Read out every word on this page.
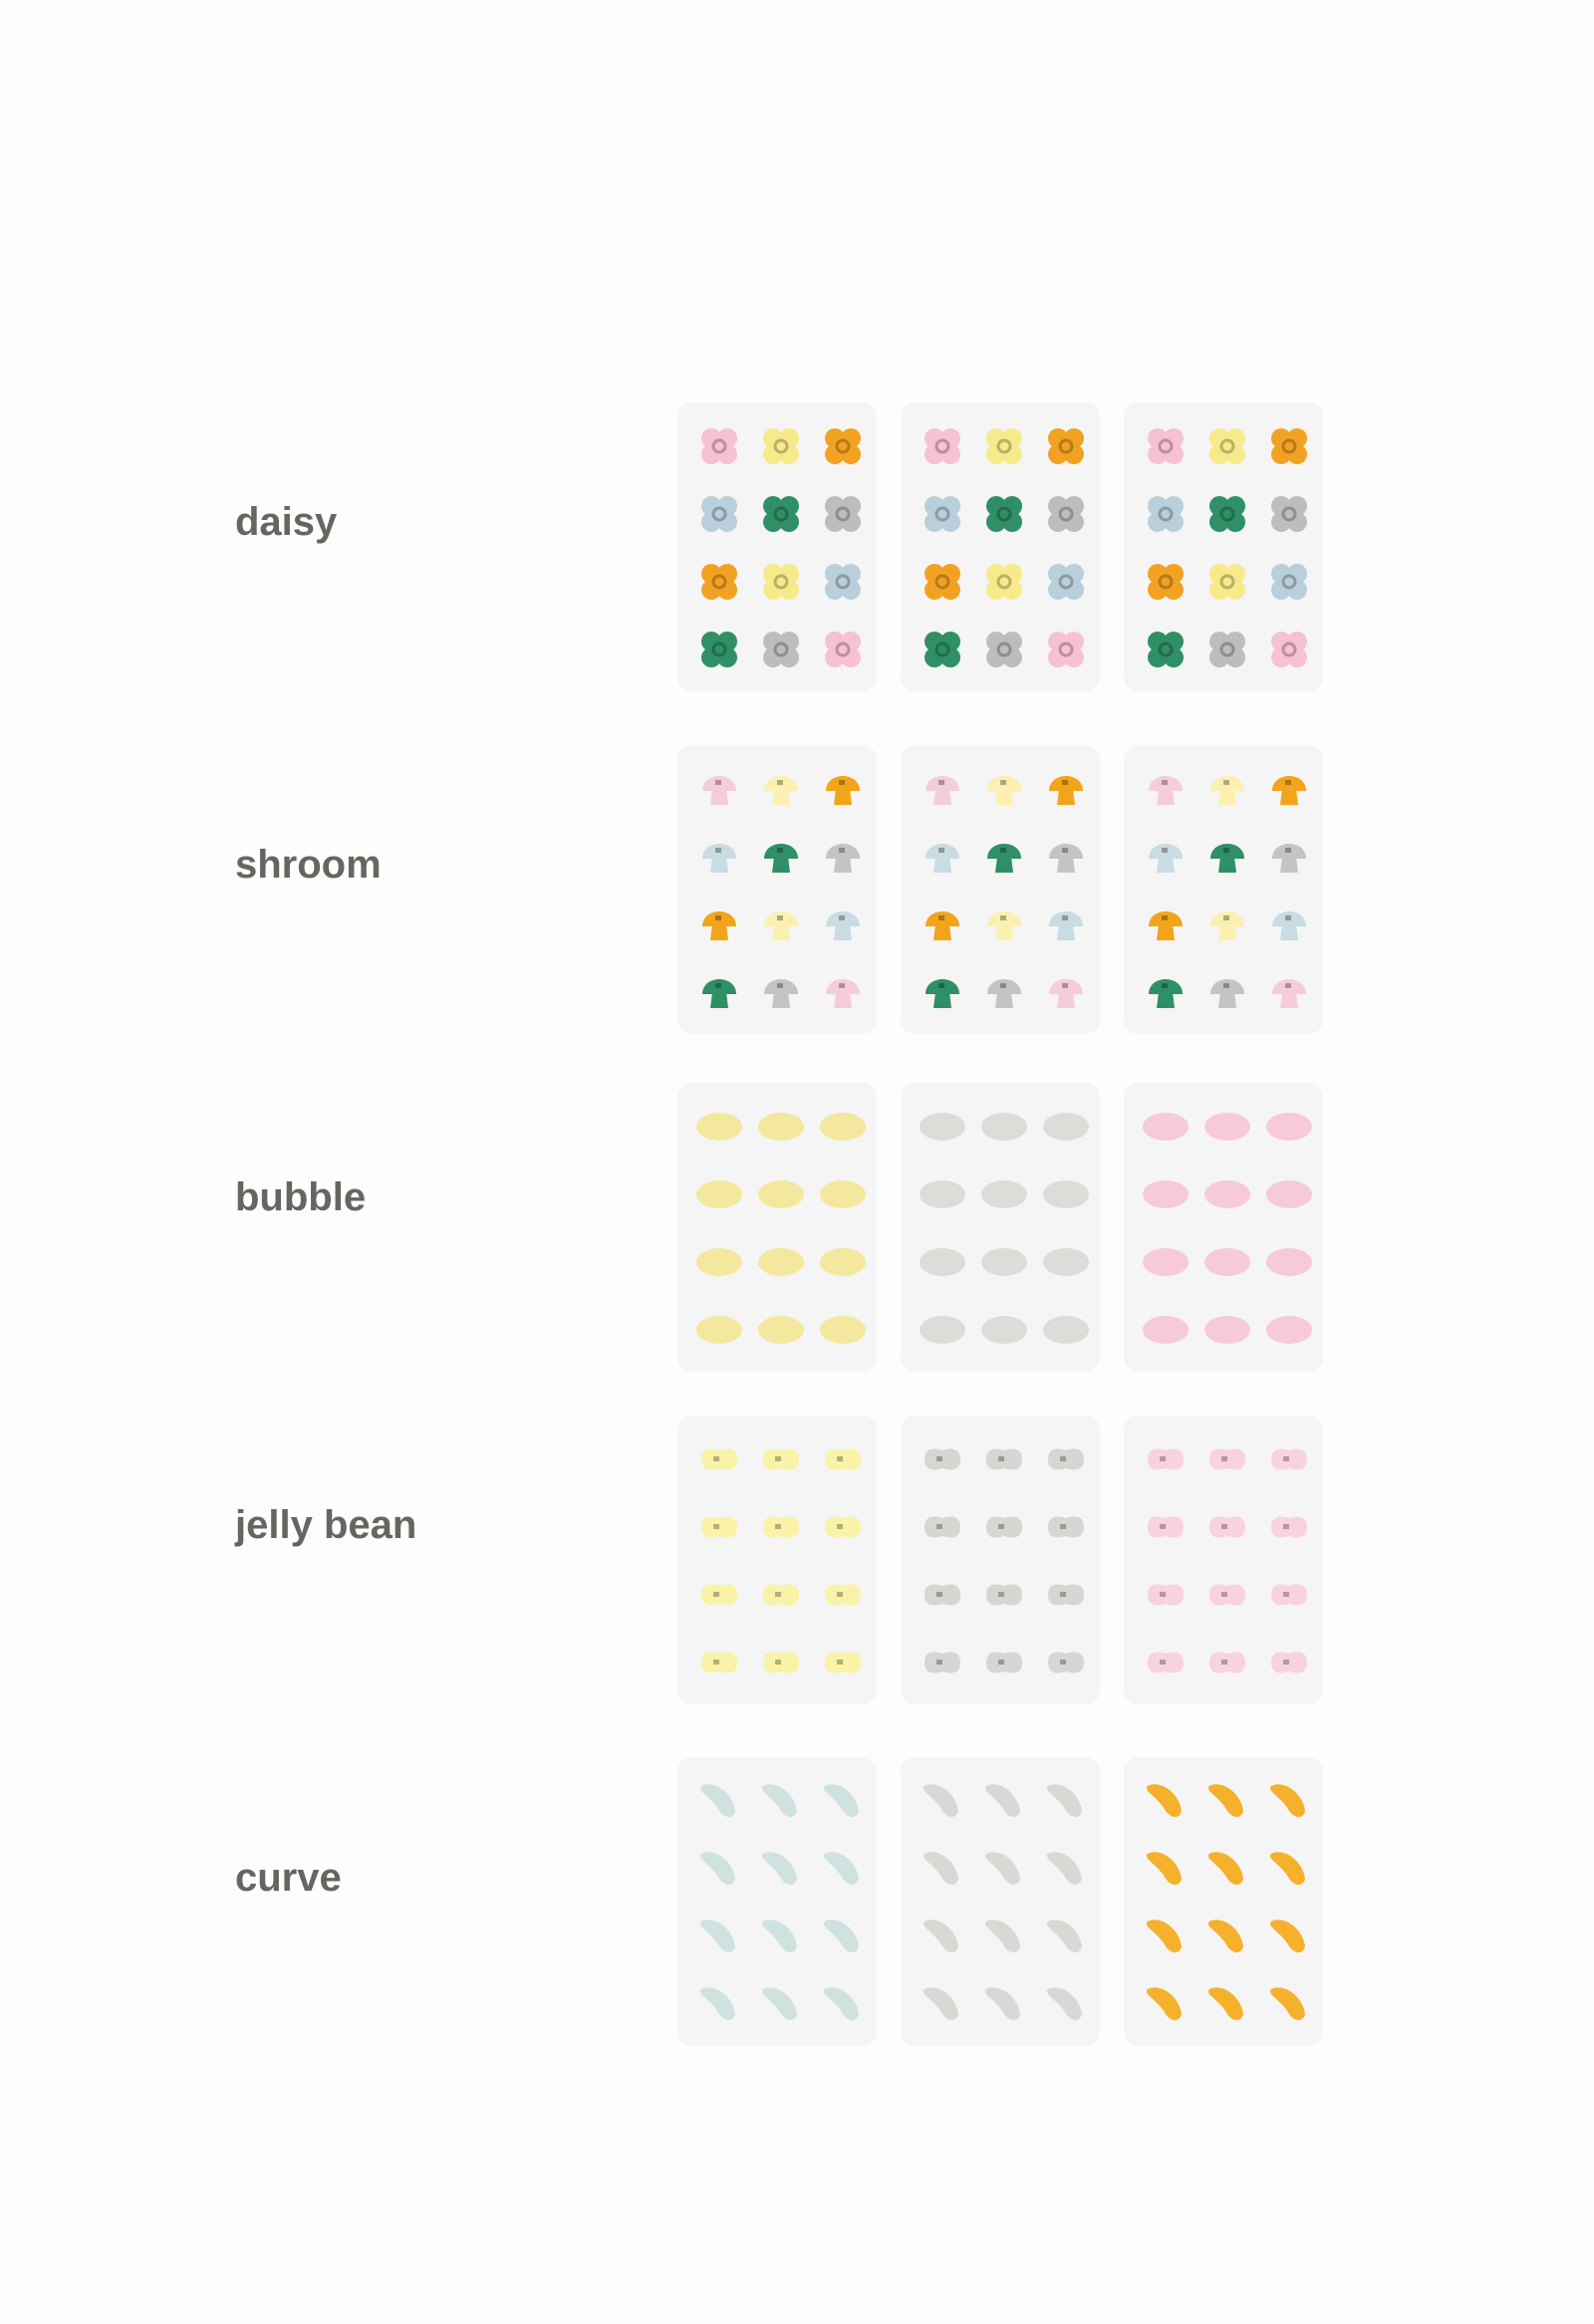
daisy
shroom
bubble
jelly bean
curve
